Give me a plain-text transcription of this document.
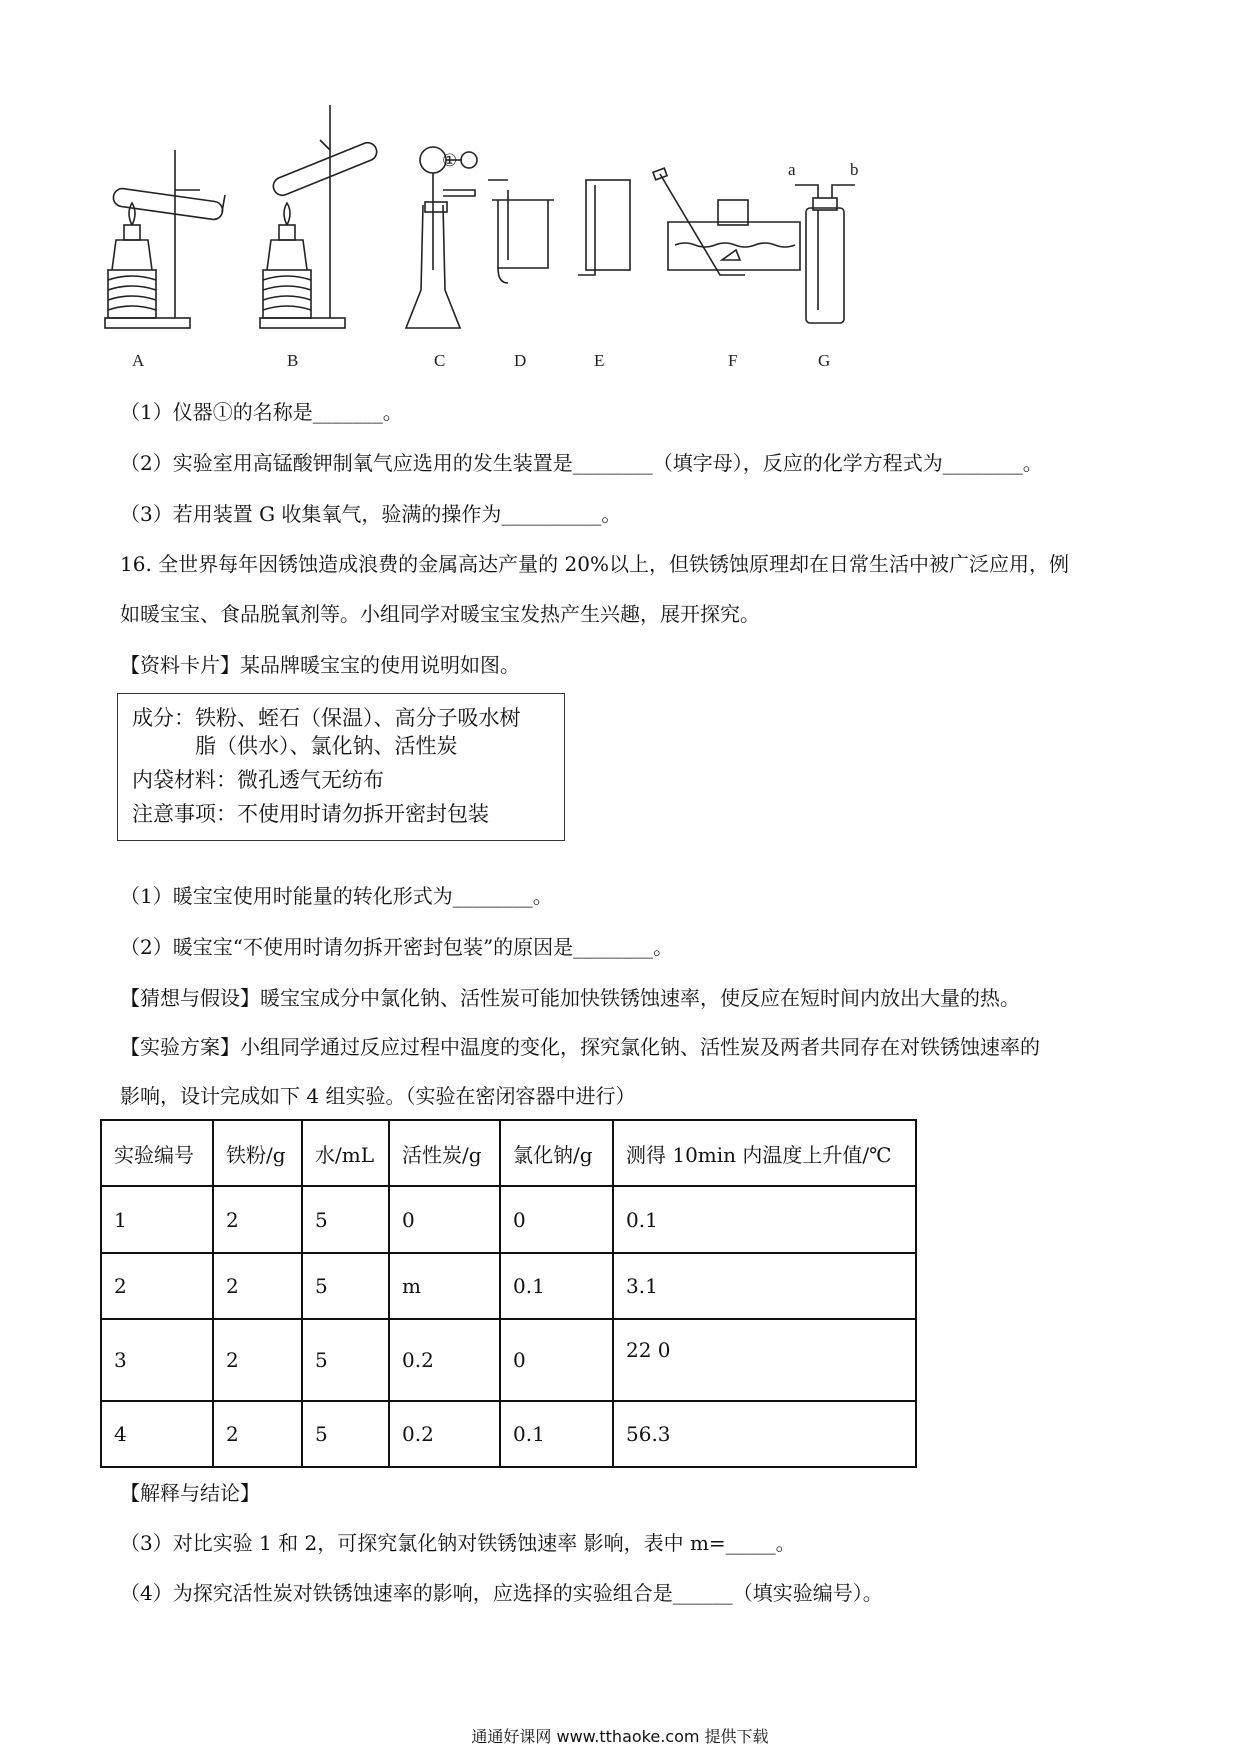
①	a	b
A	B	C	D	E	F	G
（1）仪器①的名称是_______。
（2）实验室用高锰酸钾制氧气应选用的发生装置是________（填字母），反应的化学方程式为________。
（3）若用装置 G 收集氧气，验满的操作为__________。
16. 全世界每年因锈蚀造成浪费的金属高达产量的 20%以上，但铁锈蚀原理却在日常生活中被广泛应用，例
如暖宝宝、食品脱氧剂等。小组同学对暖宝宝发热产生兴趣，展开探究。
【资料卡片】某品牌暖宝宝的使用说明如图。
成分：铁粉、蛭石（保温）、高分子吸水树
脂（供水）、氯化钠、活性炭
内袋材料：微孔透气无纺布
注意事项：不使用时请勿拆开密封包装
（1）暖宝宝使用时能量的转化形式为________。
（2）暖宝宝“不使用时请勿拆开密封包装”的原因是________。
【猜想与假设】暖宝宝成分中氯化钠、活性炭可能加快铁锈蚀速率，使反应在短时间内放出大量的热。
【实验方案】小组同学通过反应过程中温度的变化，探究氯化钠、活性炭及两者共同存在对铁锈蚀速率的
影响，设计完成如下 4 组实验。（实验在密闭容器中进行）
实验编号	铁粉/g	水/mL	活性炭/g	氯化钠/g	测得 10min 内温度上升值/℃
1	2	5	0	0	0.1
2	2	5	m	0.1	3.1
3	2	5	0.2	0	22 0
4	2	5	0.2	0.1	56.3
【解释与结论】
（3）对比实验 1 和 2，可探究氯化钠对铁锈蚀速率 影响，表中 m=_____。
（4）为探究活性炭对铁锈蚀速率的影响，应选择的实验组合是______（填实验编号）。
通通好课网 www.tthaoke.com 提供下载
